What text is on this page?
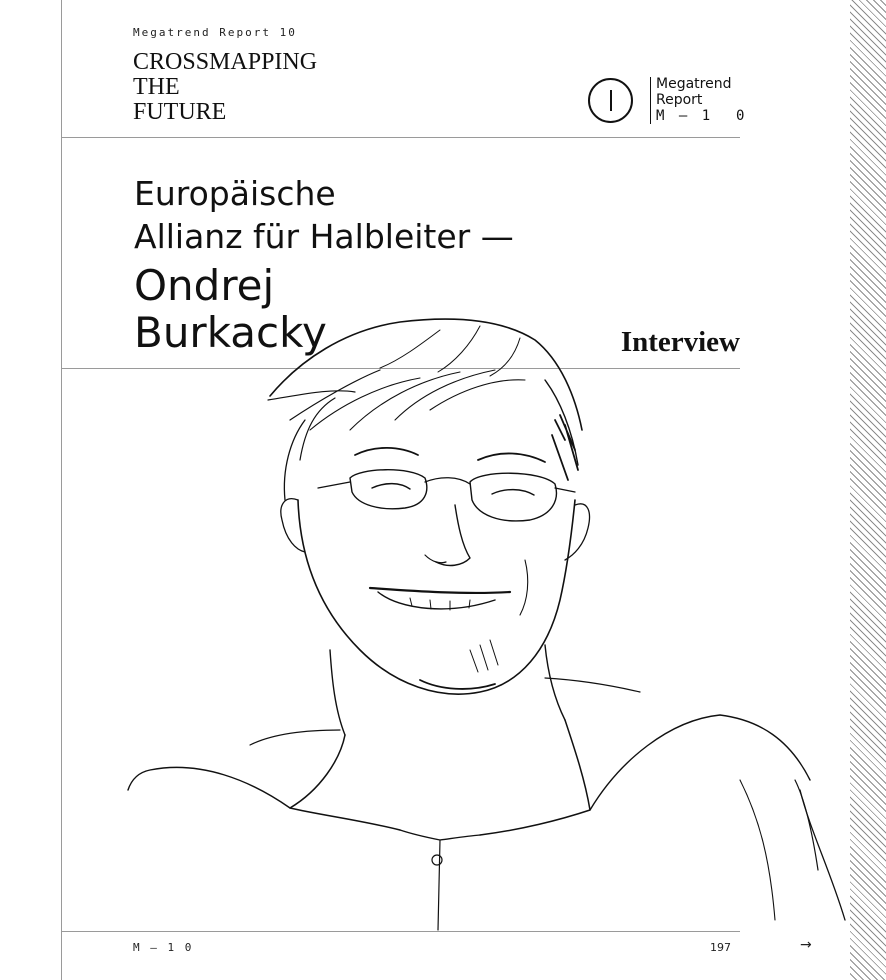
Megatrend Report 10
CROSSMAPPING
THE
FUTURE
Megatrend
Report
M — 1  0
Europäische
Allianz für Halbleiter —
Ondrej
Burkacky	Interview
M — 1 0	197	→
